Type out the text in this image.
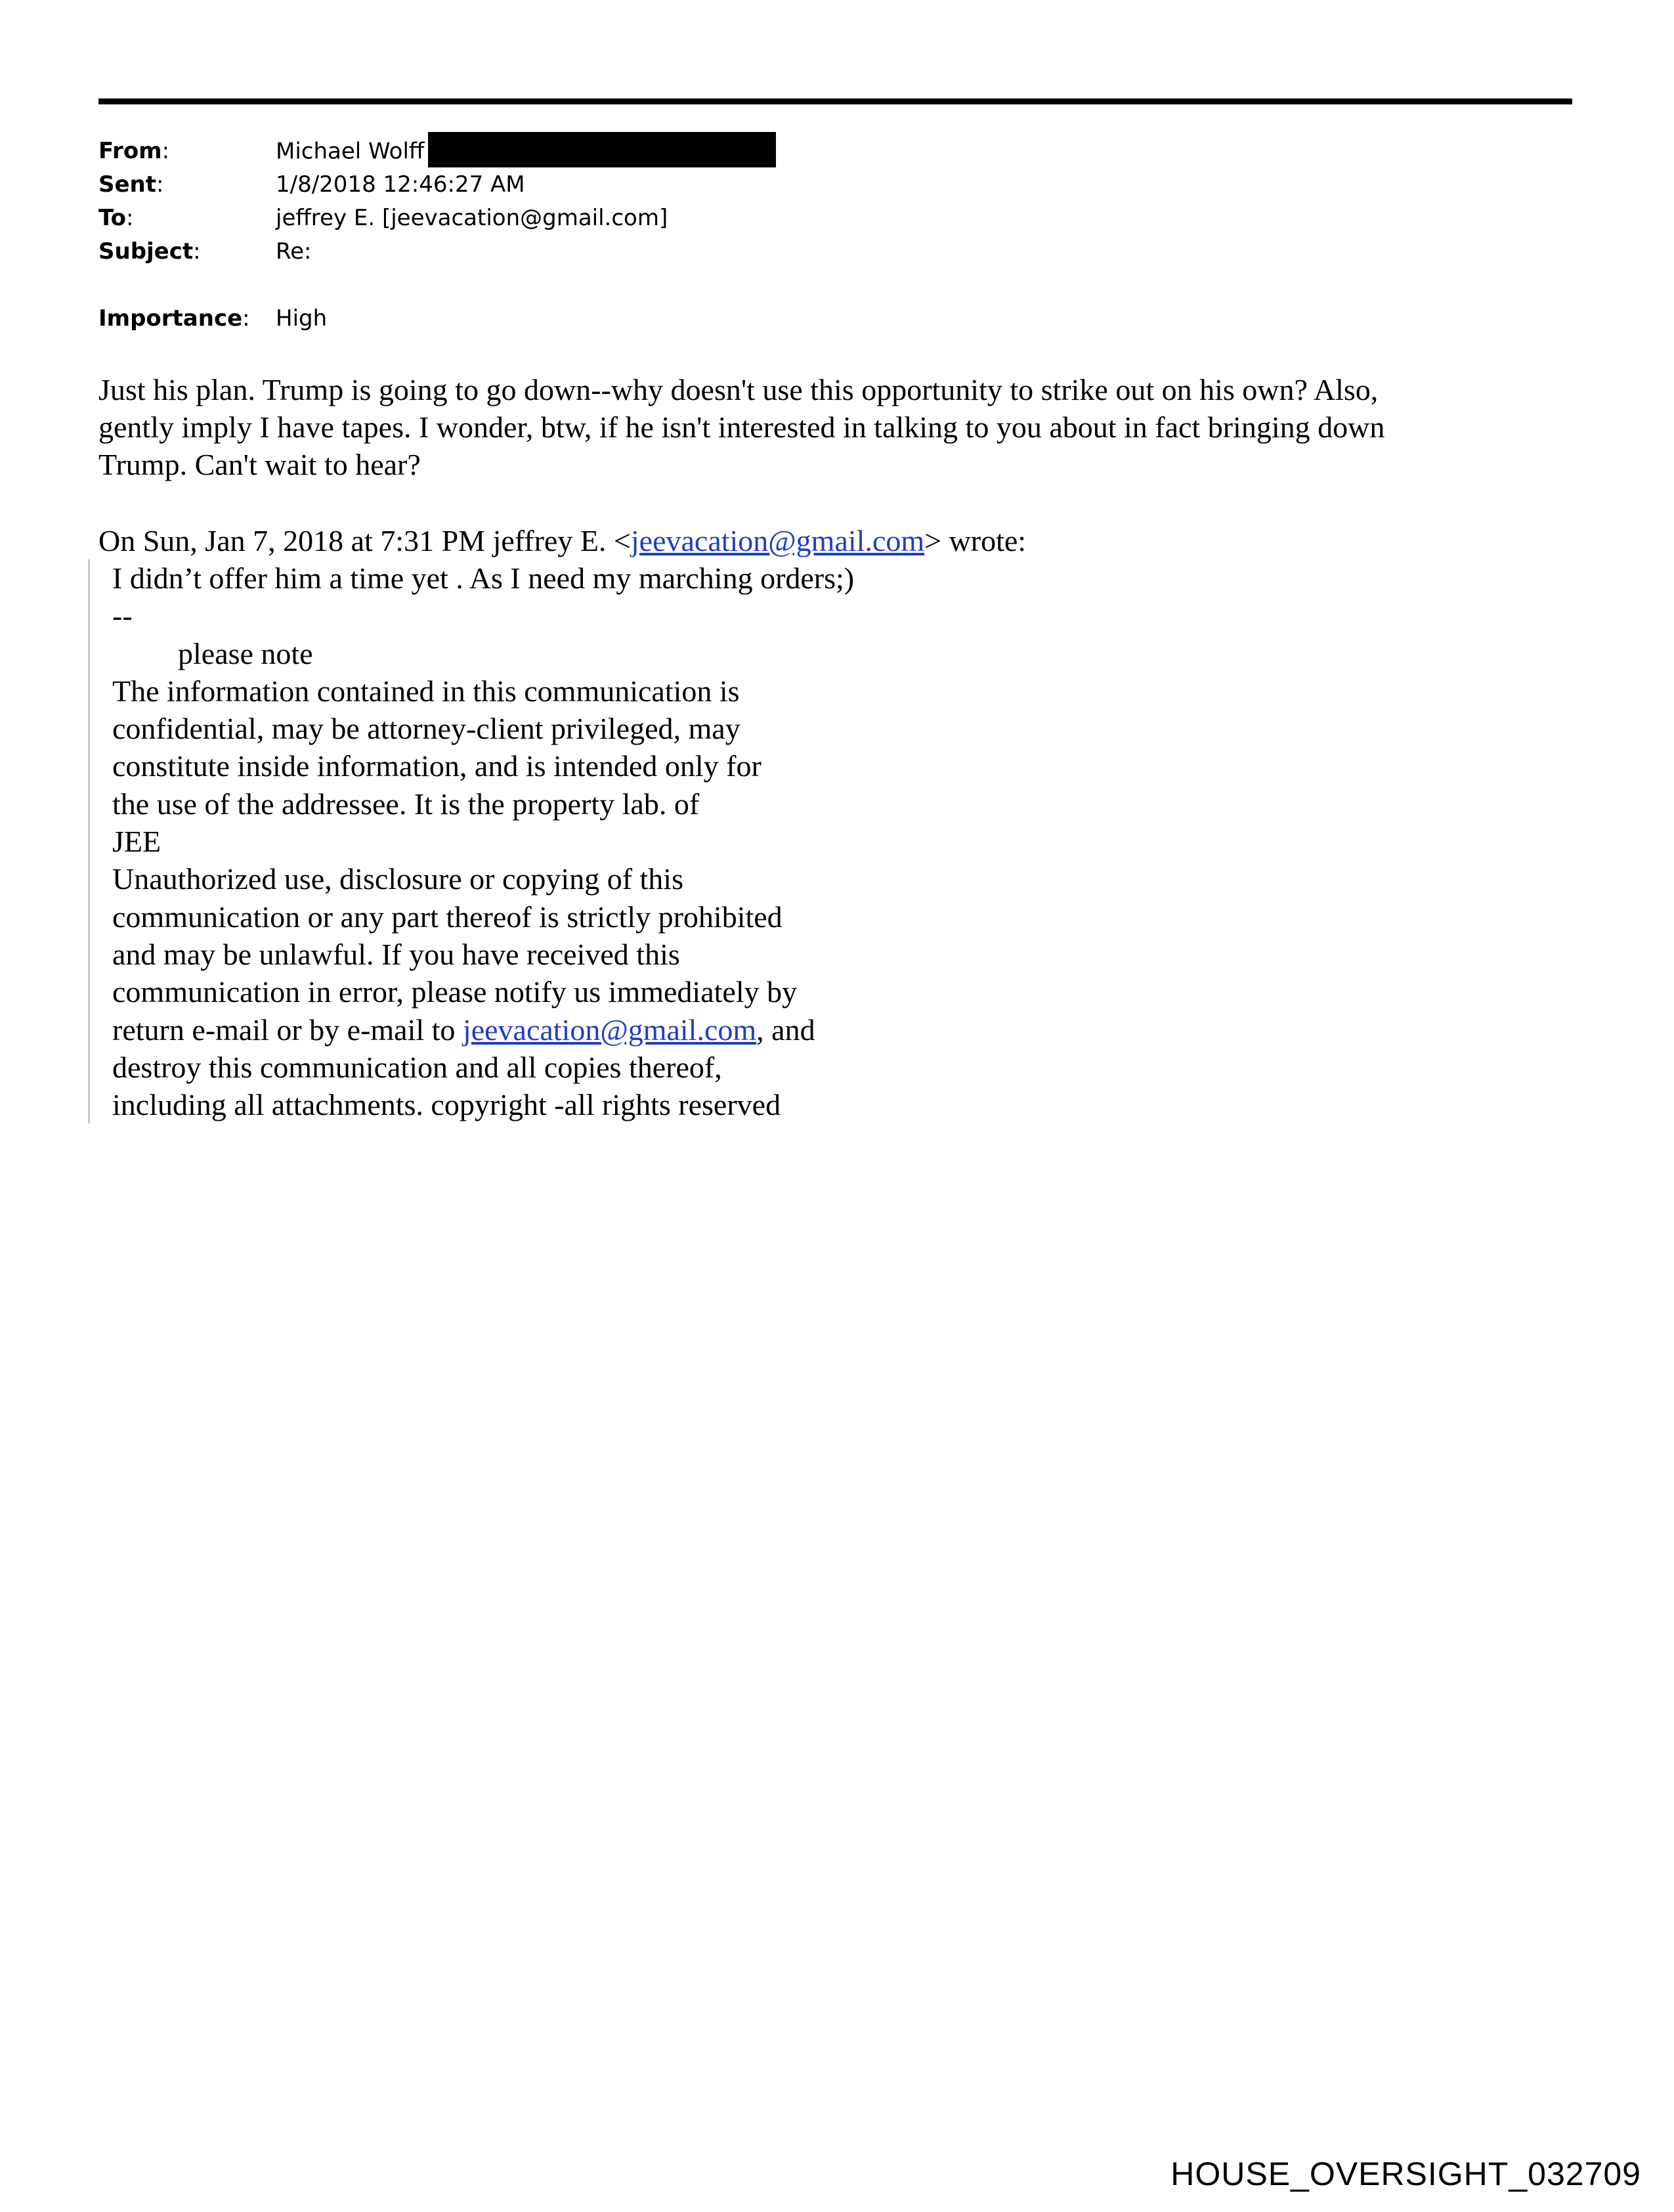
From:	Michael Wolff
Sent:	1/8/2018 12:46:27 AM
To:	jeffrey E. [jeevacation@gmail.com]
Subject:	Re:
Importance: High
Just his plan. Trump is going to go down--why doesn't use this opportunity to strike out on his own? Also,
gently imply I have tapes. I wonder, btw, if he isn't interested in talking to you about in fact bringing down
Trump. Can't wait to hear?
On Sun, Jan 7, 2018 at 7:31 PM jeffrey E. <jeevacation@gmail.com> wrote:
I didn’t offer him a time yet . As I need my marching orders;)
--
please note
The information contained in this communication is
confidential, may be attorney-client privileged, may
constitute inside information, and is intended only for
the use of the addressee. It is the property lab. of
JEE
Unauthorized use, disclosure or copying of this
communication or any part thereof is strictly prohibited
and may be unlawful. If you have received this
communication in error, please notify us immediately by
return e-mail or by e-mail to jeevacation@gmail.com, and
destroy this communication and all copies thereof,
including all attachments. copyright -all rights reserved
HOUSE_OVERSIGHT_032709
